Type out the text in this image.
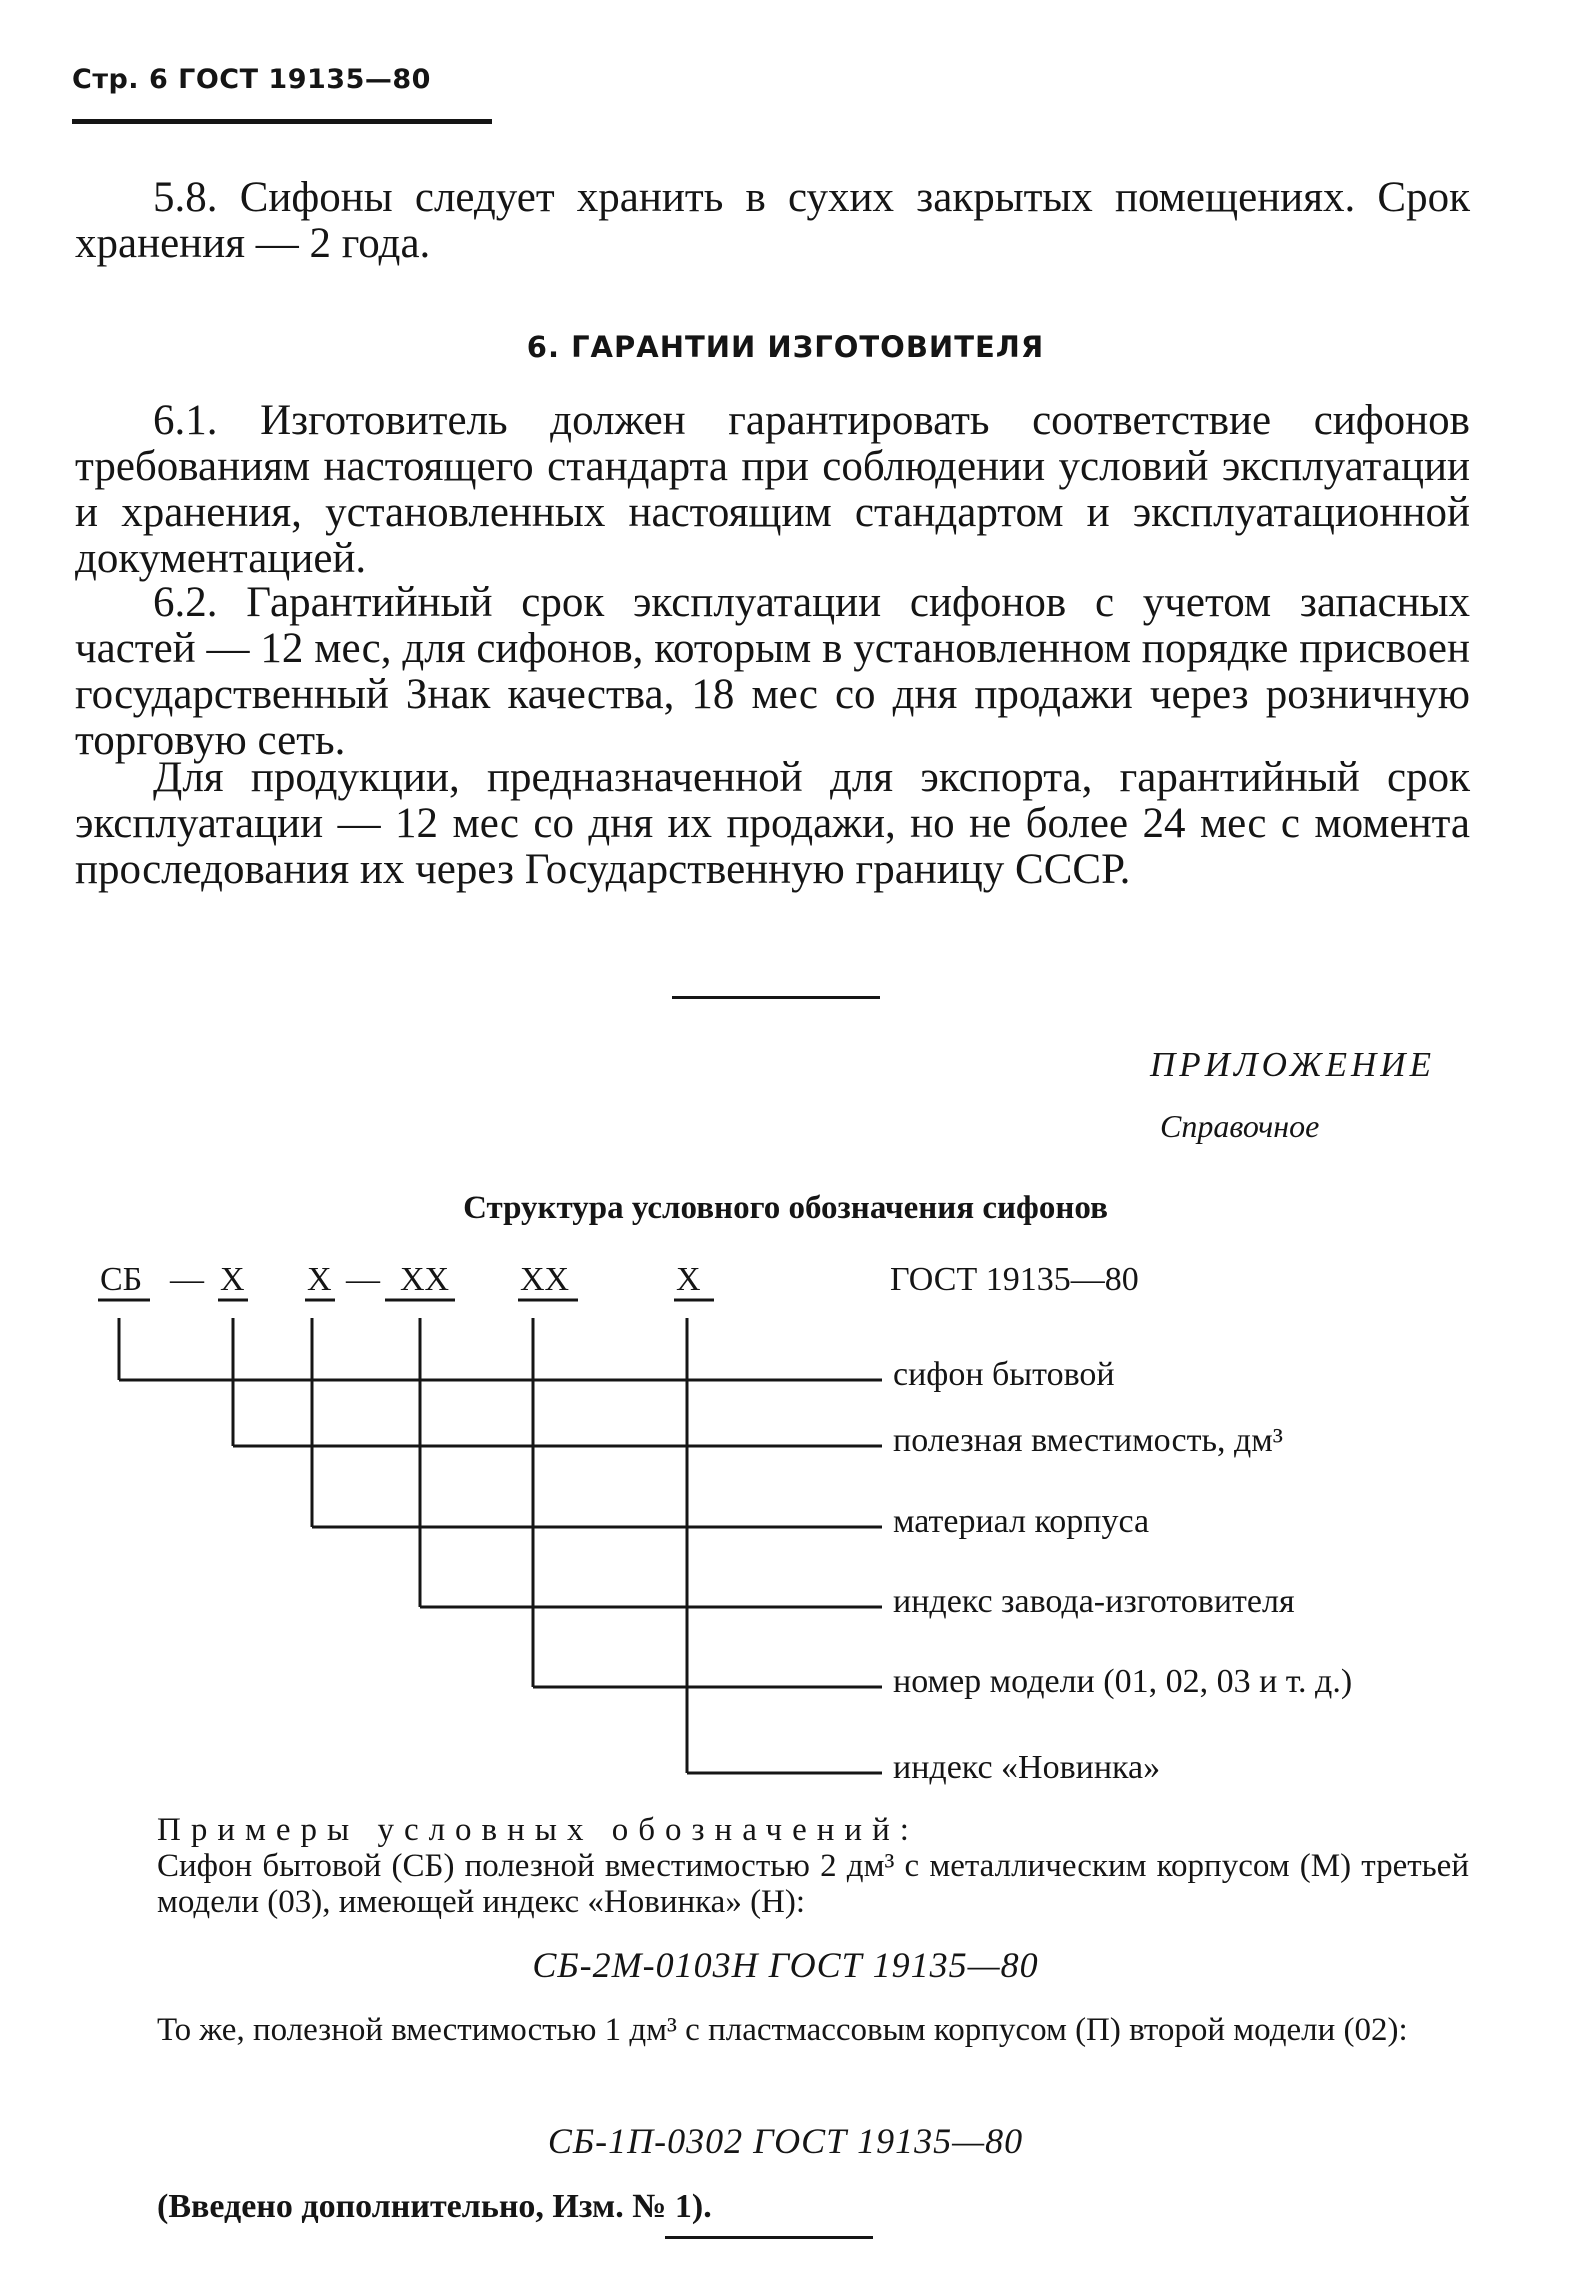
Стр. 6 ГОСТ 19135—80
5.8. Сифоны следует хранить в сухих закрытых помещениях. Срок хранения — 2 года.
6. ГАРАНТИИ ИЗГОТОВИТЕЛЯ
6.1. Изготовитель должен гарантировать соответствие сифонов требованиям настоящего стандарта при соблюдении условий эксплуатации и хранения, установленных настоящим стандартом и эксплуатационной документацией.
6.2. Гарантийный срок эксплуатации сифонов с учетом запасных частей — 12 мес, для сифонов, которым в установленном порядке присвоен государственный Знак качества, 18 мес со дня продажи через розничную торговую сеть.
Для продукции, предназначенной для экспорта, гарантийный срок эксплуатации — 12 мес со дня их продажи, но не более 24 мес с момента проследования их через Государственную границу СССР.
ПРИЛОЖЕНИЕ
Справочное
Структура условного обозначения сифонов
СБ — Х Х — ХХ ХХ	Х	ГОСТ 19135—80
сифон бытовой
полезная вместимость, дм³
материал корпуса
индекс завода-изготовителя
номер модели (01, 02, 03 и т. д.)
индекс «Новинка»
Примеры условных обозначений:
Сифон бытовой (СБ) полезной вместимостью 2 дм³ с металлическим корпусом (М) третьей модели (03), имеющей индекс «Новинка» (Н):
СБ-2М-0103Н ГОСТ 19135—80
То же, полезной вместимостью 1 дм³ с пластмассовым корпусом (П) второй модели (02):
СБ-1П-0302 ГОСТ 19135—80
(Введено дополнительно, Изм. № 1).
